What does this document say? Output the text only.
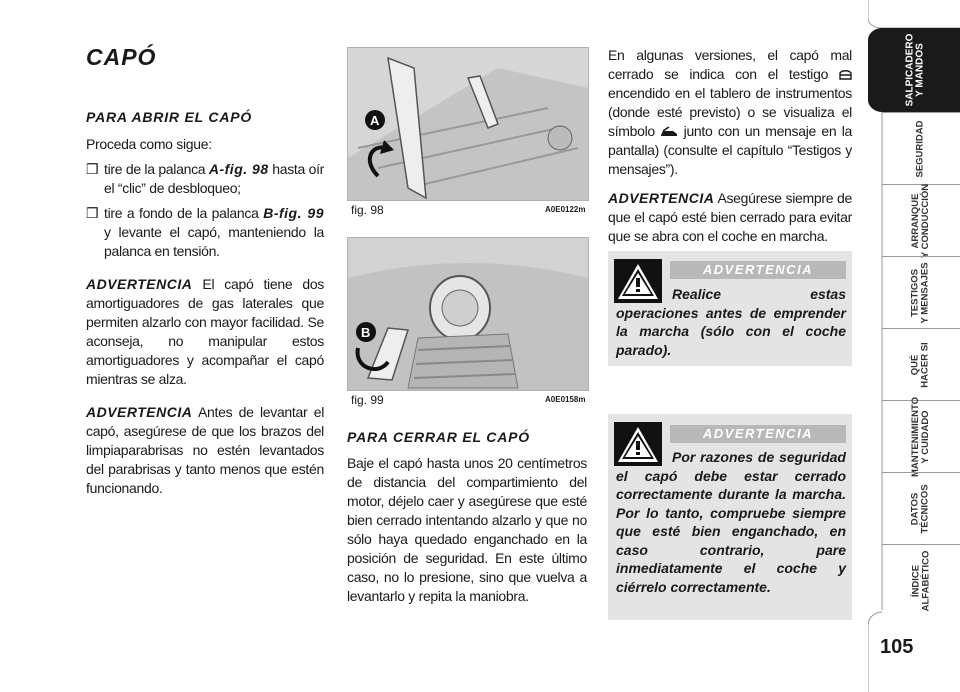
CAPÓ

PARA ABRIR EL CAPÓ

Proceda como sigue:

❒ tire de la palanca A-fig. 98 hasta oír el “clic” de desbloqueo;

❒ tire a fondo de la palanca B-fig. 99 y levante el capó, manteniendo la palanca en tensión.

ADVERTENCIA El capó tiene dos amortiguadores de gas laterales que permiten alzarlo con mayor facilidad. Se aconseja, no manipular estos amortiguadores y acompañar el capó mientras se alza.

ADVERTENCIA Antes de levantar el capó, asegúrese de que los brazos del limpiaparabrisas no estén levantados del parabrisas y tanto menos que estén funcionando.

A
fig. 98	A0E0122m
B
fig. 99	A0E0158m

PARA CERRAR EL CAPÓ

Baje el capó hasta unos 20 centímetros de distancia del compartimiento del motor, déjelo caer y asegúrese que esté bien cerrado intentando alzarlo y que no sólo haya quedado enganchado en la posición de seguridad. En este último caso, no lo presione, sino que vuelva a levantarlo y repita la maniobra.

En algunas versiones, el capó mal cerrado se indica con el testigo  encendido en el tablero de instrumentos (donde esté previsto) o se visualiza el símbolo junto con un mensaje en la pantalla) (consulte el capítulo “Testigos y mensajes”).

ADVERTENCIA Asegúrese siempre de que el capó esté bien cerrado para evitar que se abra con el coche en marcha.

ADVERTENCIA
Realice estas operaciones antes de emprender la marcha (sólo con el coche parado).
ADVERTENCIA
Por razones de seguridad el capó debe estar cerrado correctamente durante la marcha. Por lo tanto, compruebe siempre que esté bien enganchado, en caso contrario, pare inmediatamente el coche y ciérrelo correctamente.
SALPICADERO
Y MANDOS
SEGURIDAD
ARRANQUE
Y CONDUCCIÓN
TESTIGOS
Y MENSAJES
QUÉ
HACER SI
MANTENIMIENTO
Y CUIDADO
DATOS
TÉCNICOS
ÍNDICE
ALFABÉTICO
105
